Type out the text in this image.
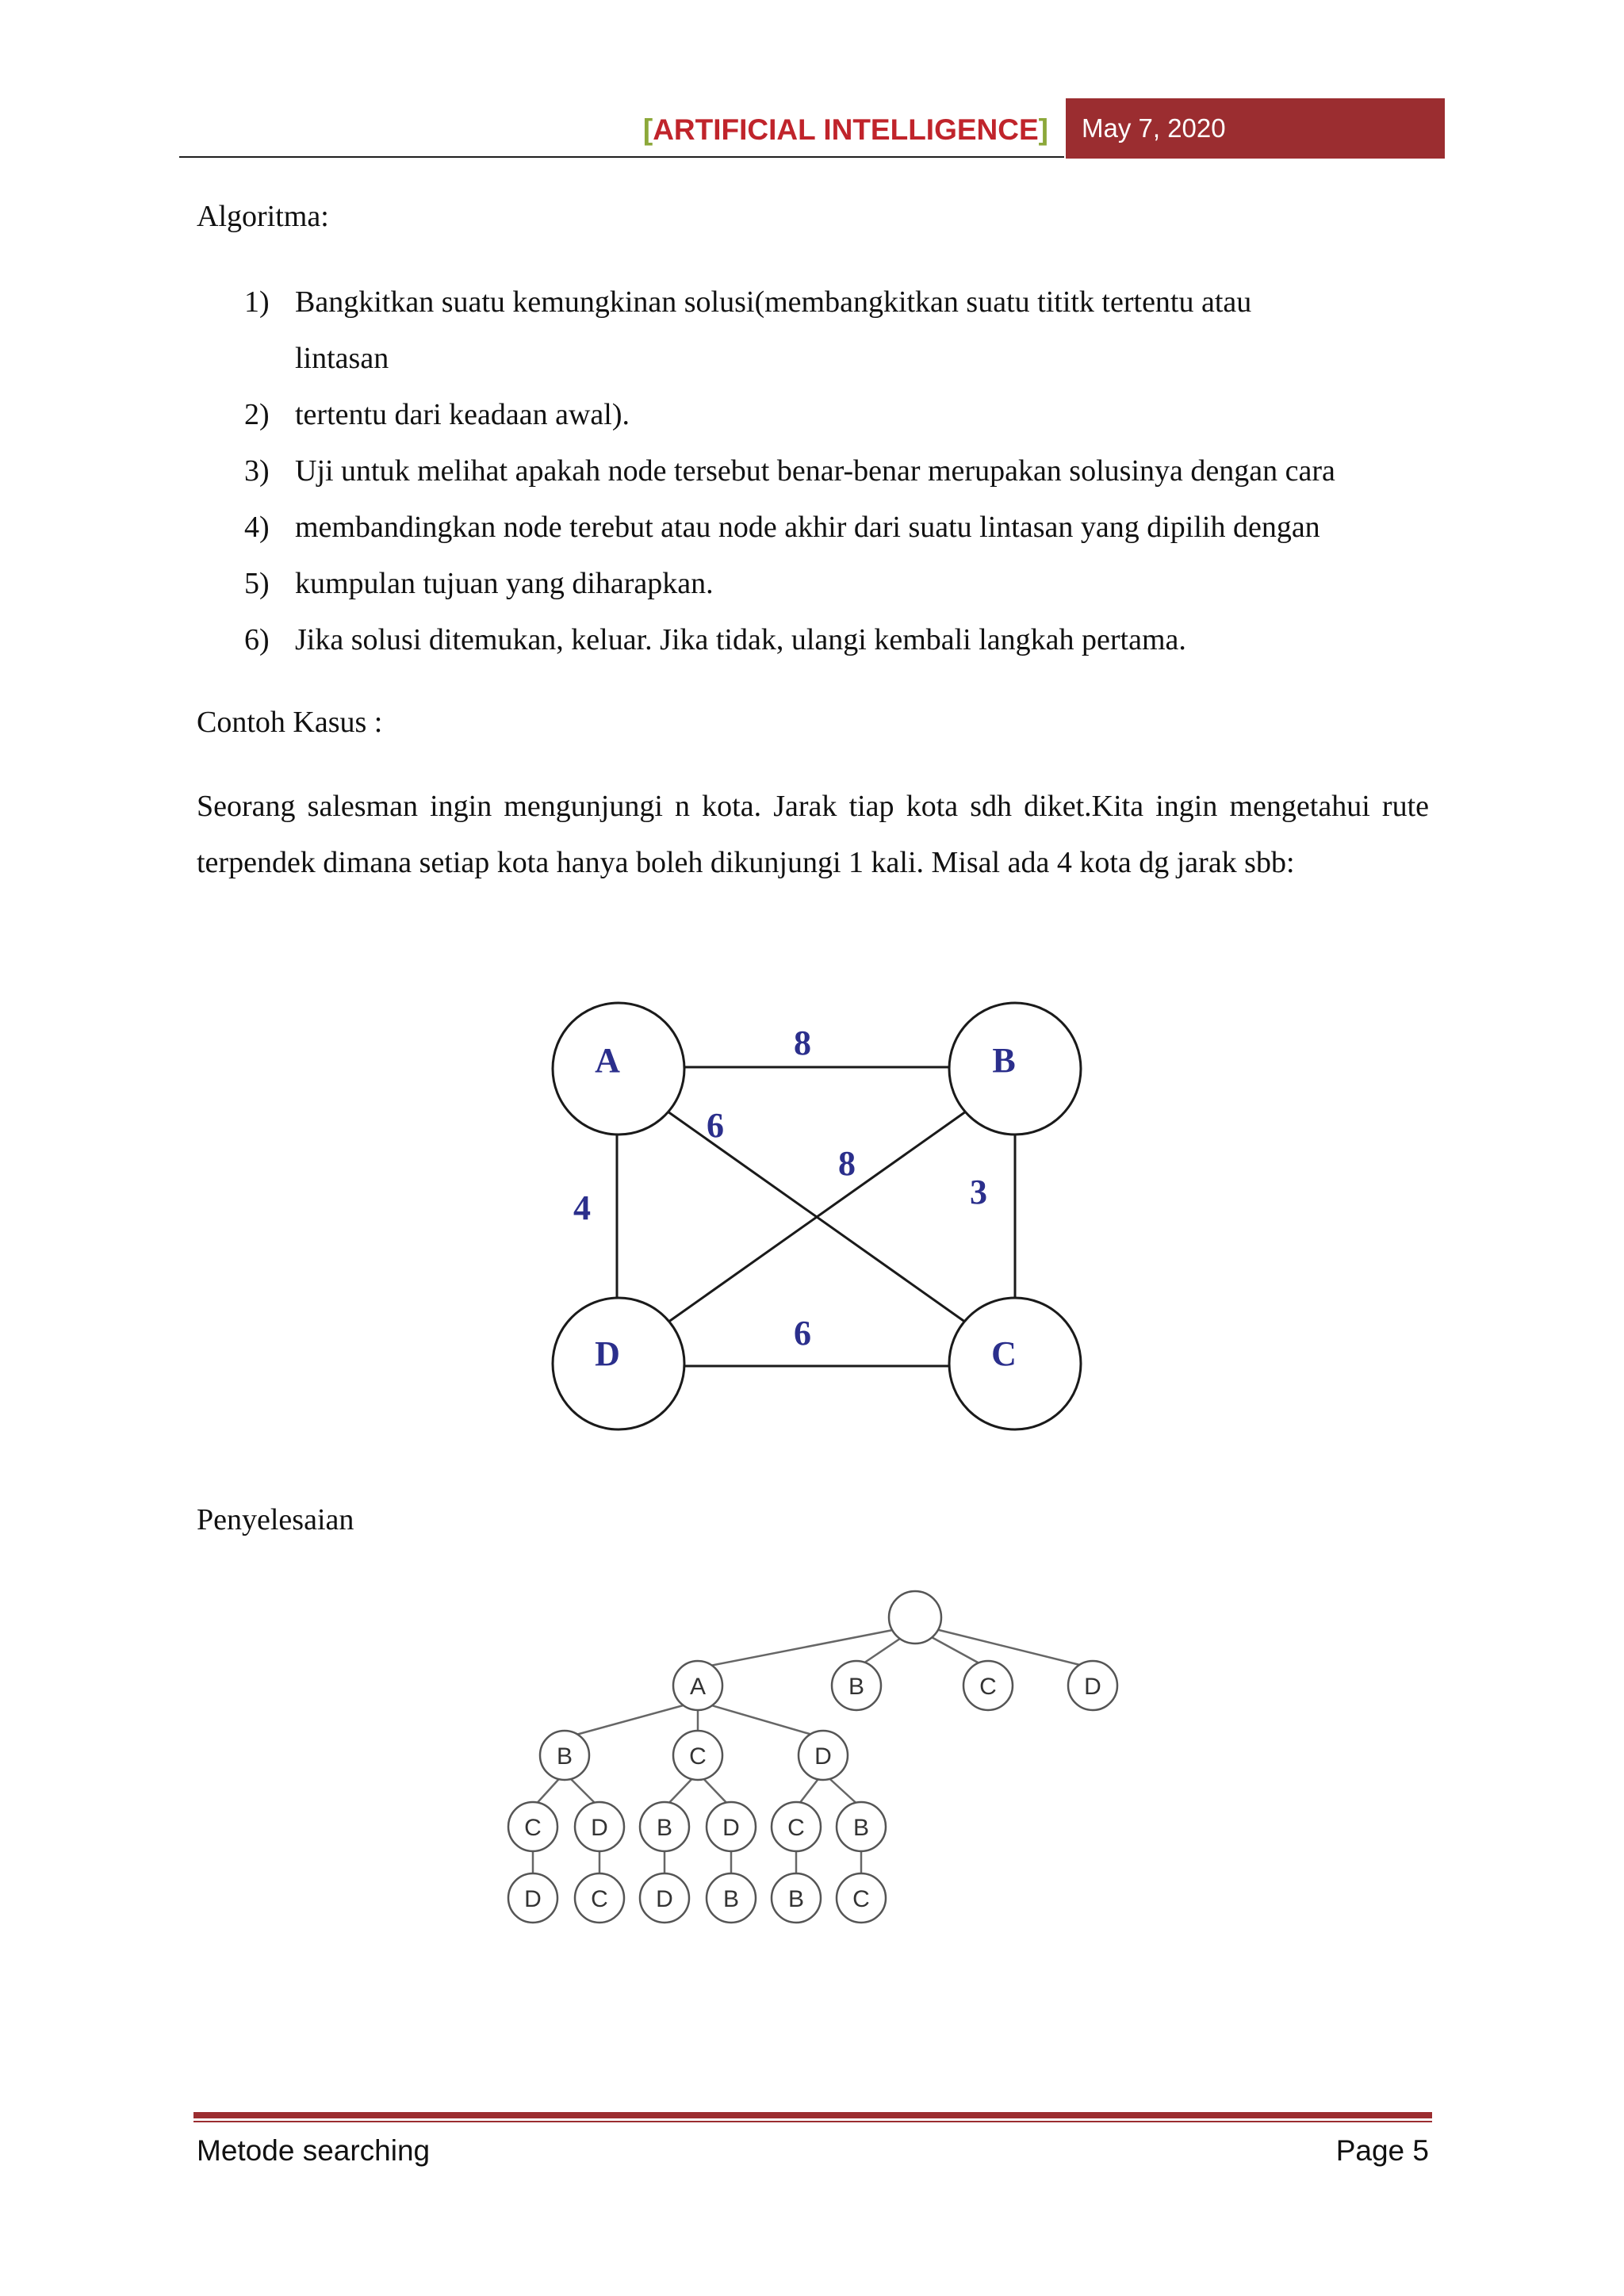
[ARTIFICIAL INTELLIGENCE]	May 7, 2020
Algoritma:
1) Bangkitkan suatu kemungkinan solusi(membangkitkan suatu tititk tertentu atau
lintasan
2) tertentu dari keadaan awal).
3) Uji untuk melihat apakah node tersebut benar-benar merupakan solusinya dengan cara
4) membandingkan node terebut atau node akhir dari suatu lintasan yang dipilih dengan
5) kumpulan tujuan yang diharapkan.
6) Jika solusi ditemukan, keluar. Jika tidak, ulangi kembali langkah pertama.
Contoh Kasus :
Seorang salesman ingin mengunjungi n kota. Jarak tiap kota sdh diket.Kita ingin mengetahui rute terpendek dimana setiap kota hanya boleh dikunjungi 1 kali. Misal ada 4 kota dg jarak sbb:
A	B
C
D
8
6
8
3
4
6
Penyelesaian
A	B	C	D
B	C	D
C D B D C B
D C D B B C
Metode searching	Page 5
